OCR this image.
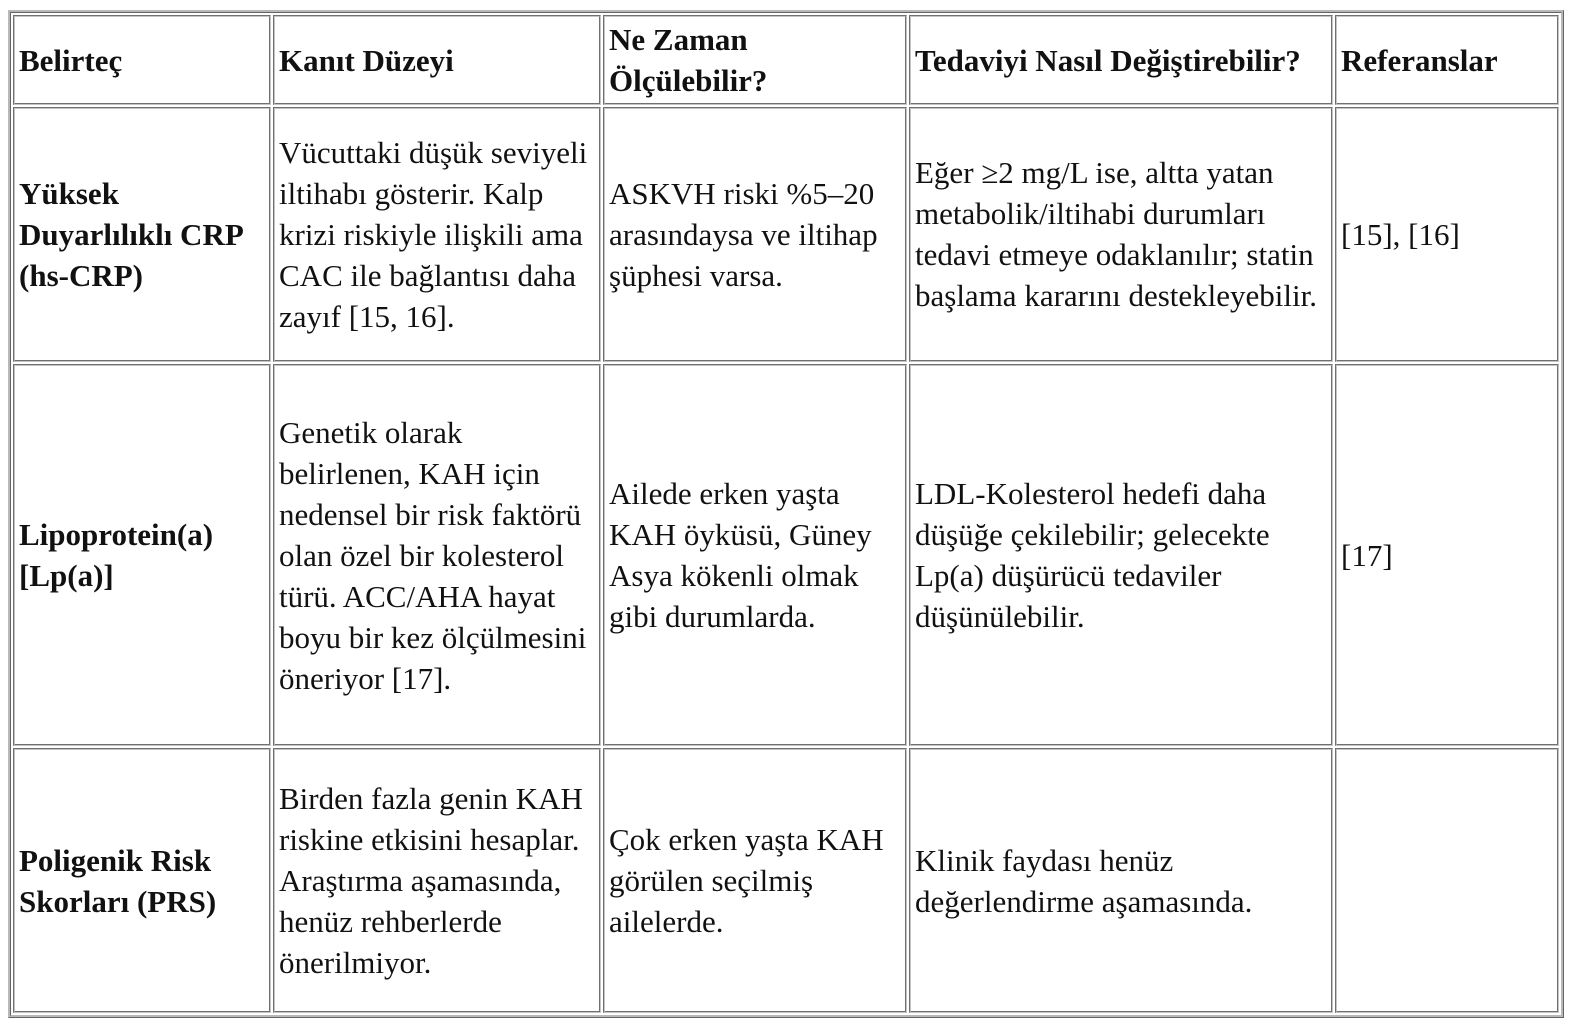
Belirteç	Kanıt Düzeyi	Ne Zaman Ölçülebilir?	Tedaviyi Nasıl Değiştirebilir?	Referanslar
Yüksek Duyarlılıklı CRP (hs-CRP)	Vücuttaki düşük seviyeli iltihabı gösterir. Kalp krizi riskiyle ilişkili ama CAC ile bağlantısı daha zayıf [15, 16].	ASKVH riski %5–20 arasındaysa ve iltihap şüphesi varsa.	Eğer ≥2 mg/L ise, altta yatan metabolik/iltihabi durumları tedavi etmeye odaklanılır; statin başlama kararını destekleyebilir.	[15], [16]
Lipoprotein(a) [Lp(a)]	Genetik olarak belirlenen, KAH için nedensel bir risk faktörü olan özel bir kolesterol türü. ACC/AHA hayat boyu bir kez ölçülmesini öneriyor [17].	Ailede erken yaşta KAH öyküsü, Güney Asya kökenli olmak gibi durumlarda.	LDL-Kolesterol hedefi daha düşüğe çekilebilir; gelecekte Lp(a) düşürücü tedaviler düşünülebilir.	[17]
Poligenik Risk Skorları (PRS)	Birden fazla genin KAH riskine etkisini hesaplar. Araştırma aşamasında, henüz rehberlerde önerilmiyor.	Çok erken yaşta KAH görülen seçilmiş ailelerde.	Klinik faydası henüz değerlendirme aşamasında.	
